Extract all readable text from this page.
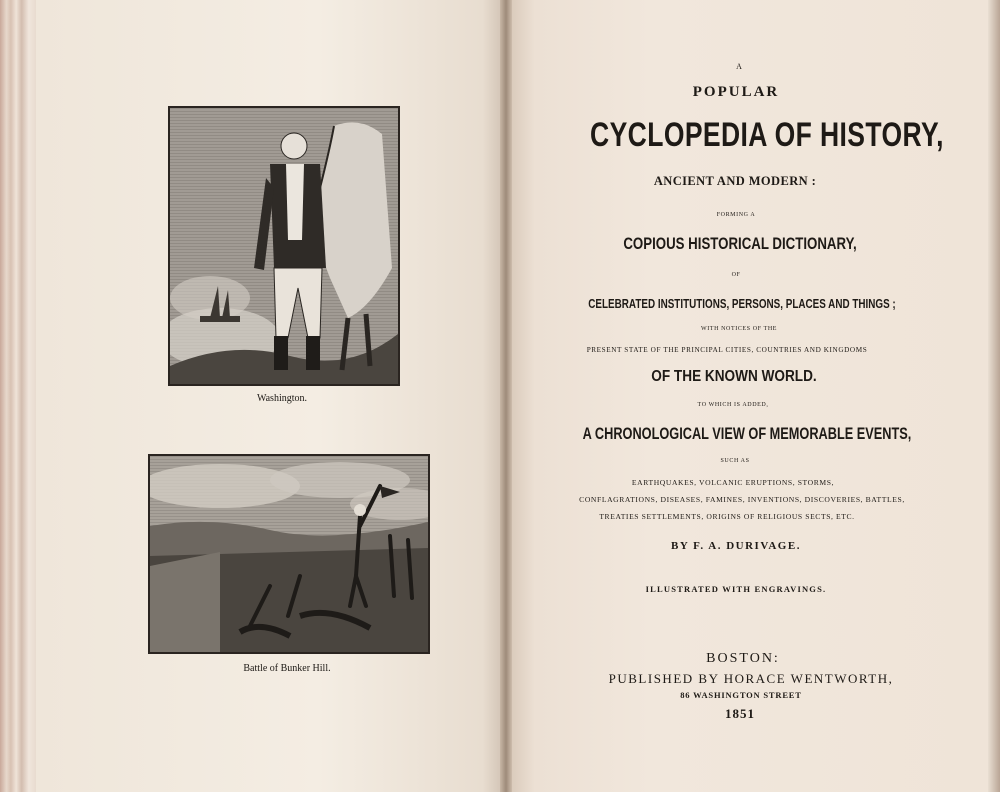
Washington.
Battle of Bunker Hill.
A
POPULAR
CYCLOPEDIA OF HISTORY,
ANCIENT AND MODERN :
FORMING A
COPIOUS HISTORICAL DICTIONARY,
OF
CELEBRATED INSTITUTIONS, PERSONS, PLACES AND THINGS ;
WITH NOTICES OF THE
PRESENT STATE OF THE PRINCIPAL CITIES, COUNTRIES AND KINGDOMS
OF THE KNOWN WORLD.
TO WHICH IS ADDED,
A CHRONOLOGICAL VIEW OF MEMORABLE EVENTS,
SUCH AS
EARTHQUAKES, VOLCANIC ERUPTIONS, STORMS,
CONFLAGRATIONS, DISEASES, FAMINES, INVENTIONS, DISCOVERIES, BATTLES,
TREATIES SETTLEMENTS, ORIGINS OF RELIGIOUS SECTS, ETC.
BY F. A. DURIVAGE.
ILLUSTRATED WITH ENGRAVINGS.
BOSTON:
PUBLISHED BY HORACE WENTWORTH,
86 WASHINGTON STREET
1851
